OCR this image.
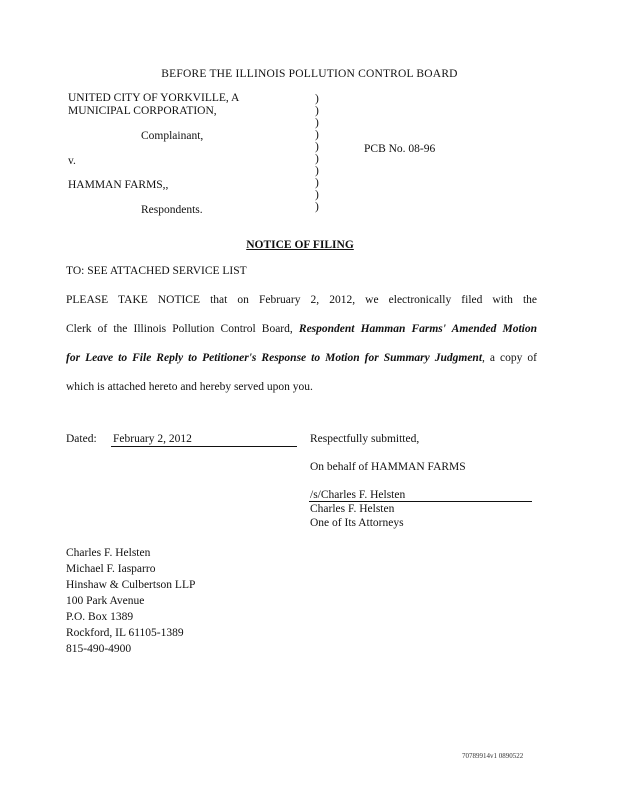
BEFORE THE ILLINOIS POLLUTION CONTROL BOARD
UNITED CITY OF YORKVILLE, A
MUNICIPAL CORPORATION,
Complainant,
v.
HAMMAN FARMS,,
Respondents.
)
)
)
)
)
)
)
)
)
)
PCB No. 08-96
NOTICE OF FILING
TO: SEE ATTACHED SERVICE LIST
PLEASE TAKE NOTICE that on February 2, 2012, we electronically filed with the
Clerk of the Illinois Pollution Control Board, Respondent Hamman Farms' Amended Motion
for Leave to File Reply to Petitioner's Response to Motion for Summary Judgment, a copy of
which is attached hereto and hereby served upon you.
Dated: February 2, 2012	Respectfully submitted,
On behalf of HAMMAN FARMS
/s/Charles F. Helsten
Charles F. Helsten
One of Its Attorneys
Charles F. Helsten
Michael F. Iasparro
Hinshaw & Culbertson LLP
100 Park Avenue
P.O. Box 1389
Rockford, IL 61105-1389
815-490-4900
70789914v1 0890522
